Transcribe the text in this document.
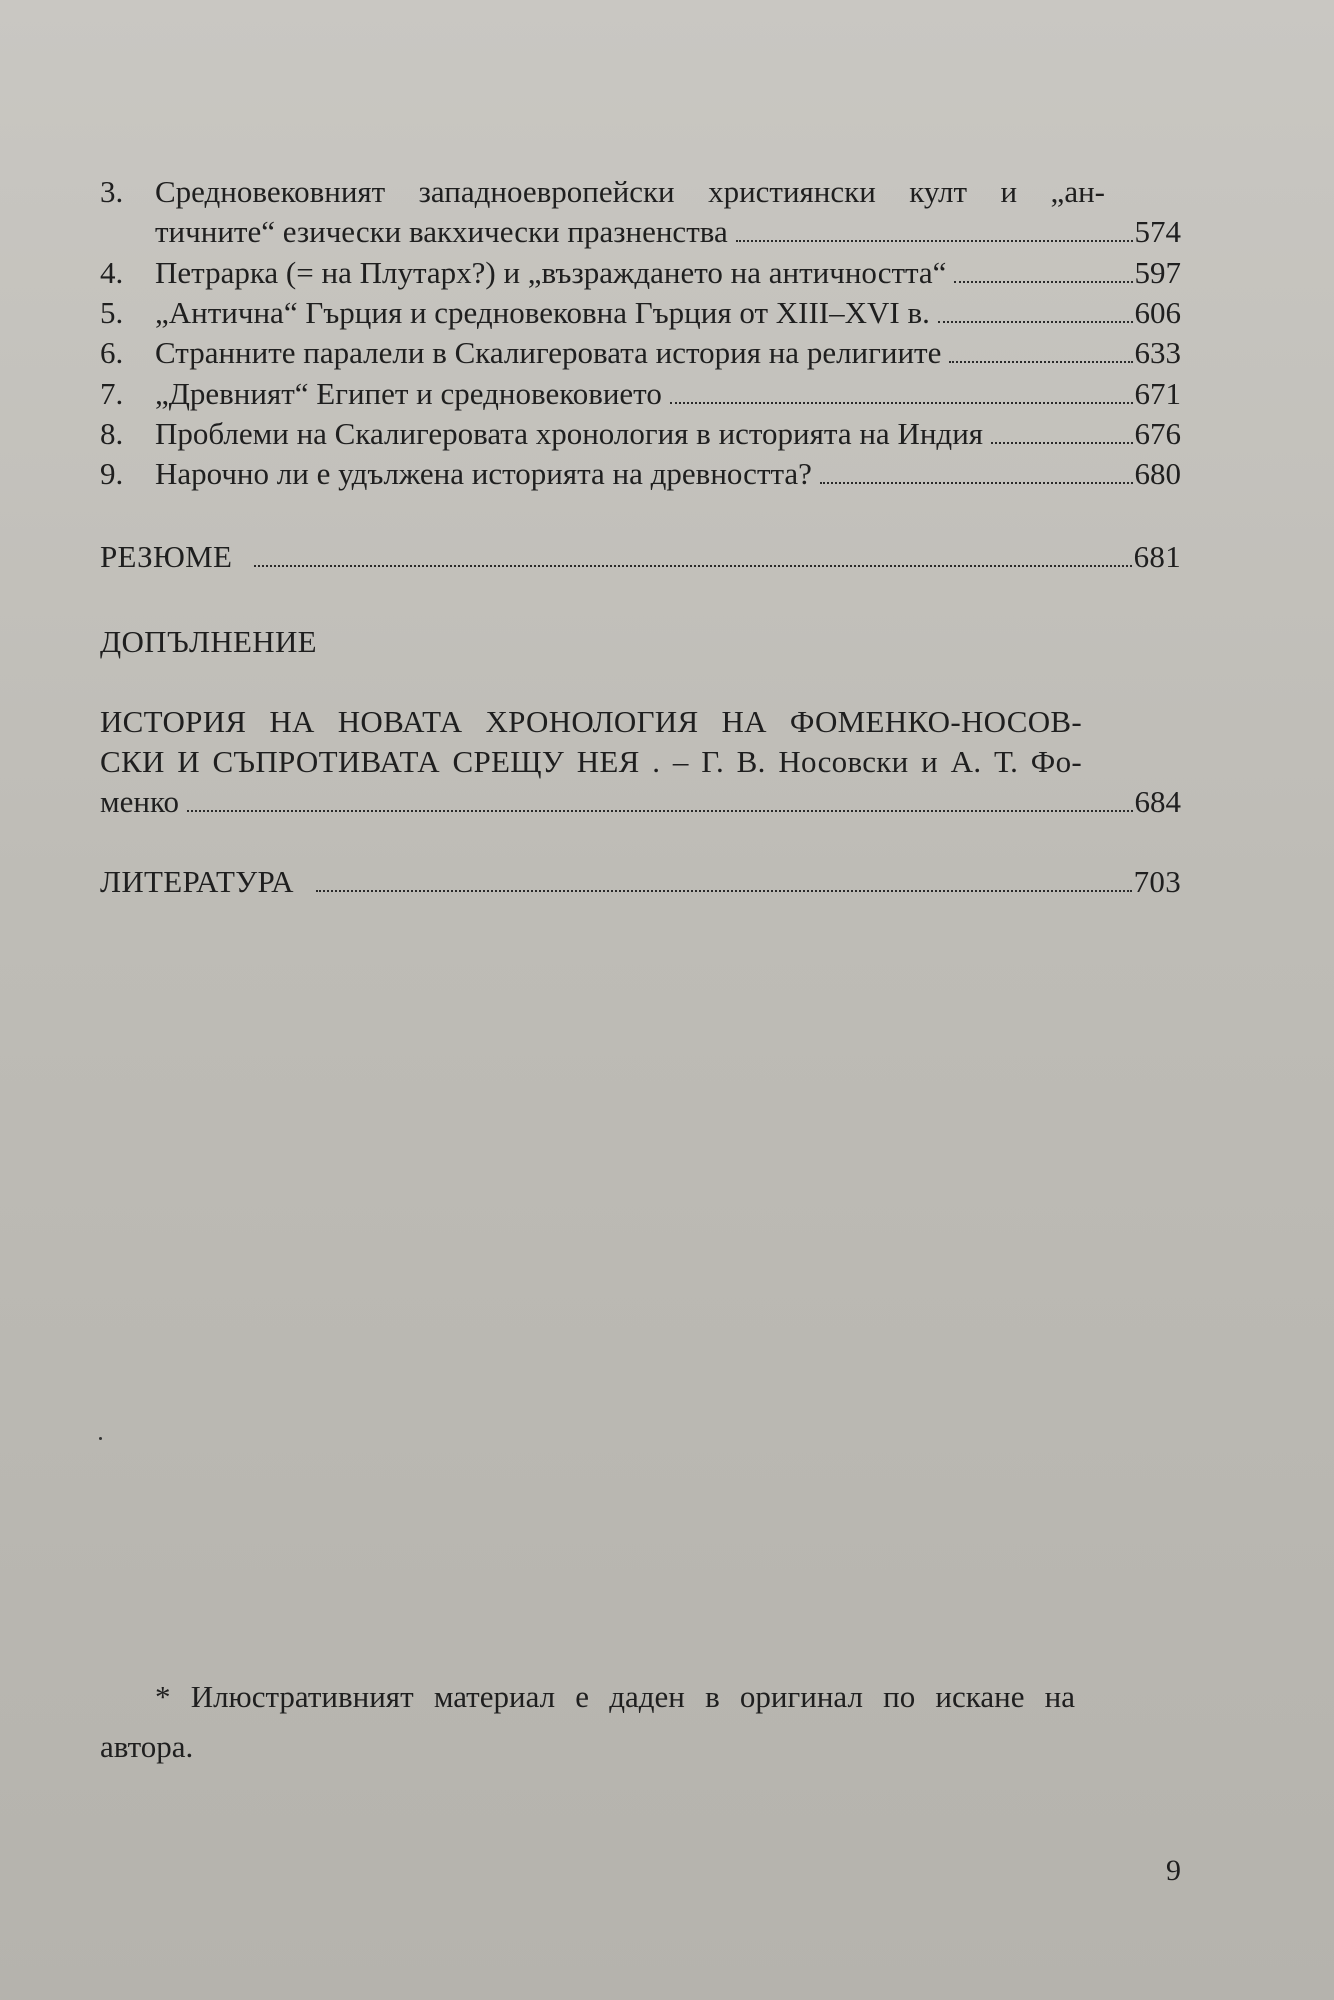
3.	Средновековният западноевропейски християнски култ и „ан-
тичните“ езически вакхически празненства	574
4.	Петрарка (= на Плутарх?) и „възраждането на античността“	597
5.	„Антична“ Гърция и средновековна Гърция от XIII–XVI в.	606
6.	Странните паралели в Скалигеровата история на религиите	633
7.	„Древният“ Египет и средновековието	671
8.	Проблеми на Скалигеровата хронология в историята на Индия	676
9.	Нарочно ли е удължена историята на древността?	680
РЕЗЮМЕ	681
ДОПЪЛНЕНИЕ
ИСТОРИЯ НА НОВАТА ХРОНОЛОГИЯ НА ФОМЕНКО-НОСОВ-
СКИ И СЪПРОТИВАТА СРЕЩУ НЕЯ . – Г. В. Носовски и А. Т. Фо-
менко	684
ЛИТЕРАТУРА	703
* Илюстративният материал е даден в оригинал по искане на
автора.
9
